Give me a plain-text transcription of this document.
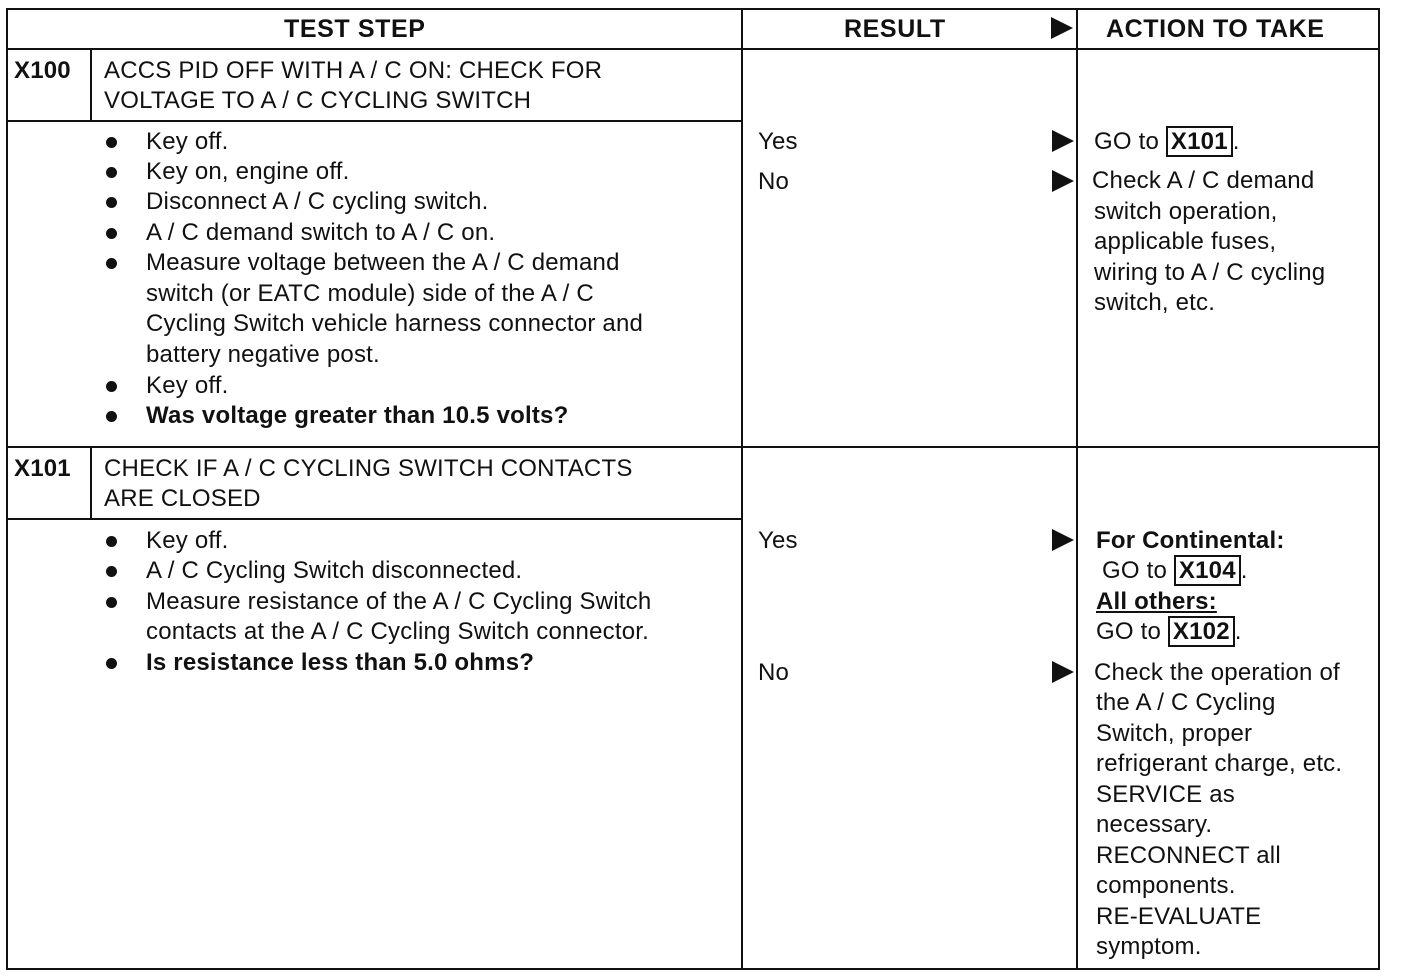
TEST STEP	RESULT	ACTION TO TAKE
X100 ACCS PID OFF WITH A / C ON: CHECK FOR
VOLTAGE TO A / C CYCLING SWITCH
Key off.
Key on, engine off.
Disconnect A / C cycling switch.
A / C demand switch to A / C on.
Measure voltage between the A / C demand
switch (or EATC module) side of the A / C
Cycling Switch vehicle harness connector and
battery negative post.
Key off.
Was voltage greater than 10.5 volts?
Yes	GO to X101 .
No	Check A / C demand
switch operation,
applicable fuses,
wiring to A / C cycling
switch, etc.
X101 CHECK IF A / C CYCLING SWITCH CONTACTS
ARE CLOSED
Key off.
A / C Cycling Switch disconnected.
Measure resistance of the A / C Cycling Switch
contacts at the A / C Cycling Switch connector.
Is resistance less than 5.0 ohms?
Yes	For Continental:
GO to X104 .
All others:
GO to X102 .
No	Check the operation of
the A / C Cycling
Switch, proper
refrigerant charge, etc.
SERVICE as
necessary.
RECONNECT all
components.
RE-EVALUATE
symptom.
